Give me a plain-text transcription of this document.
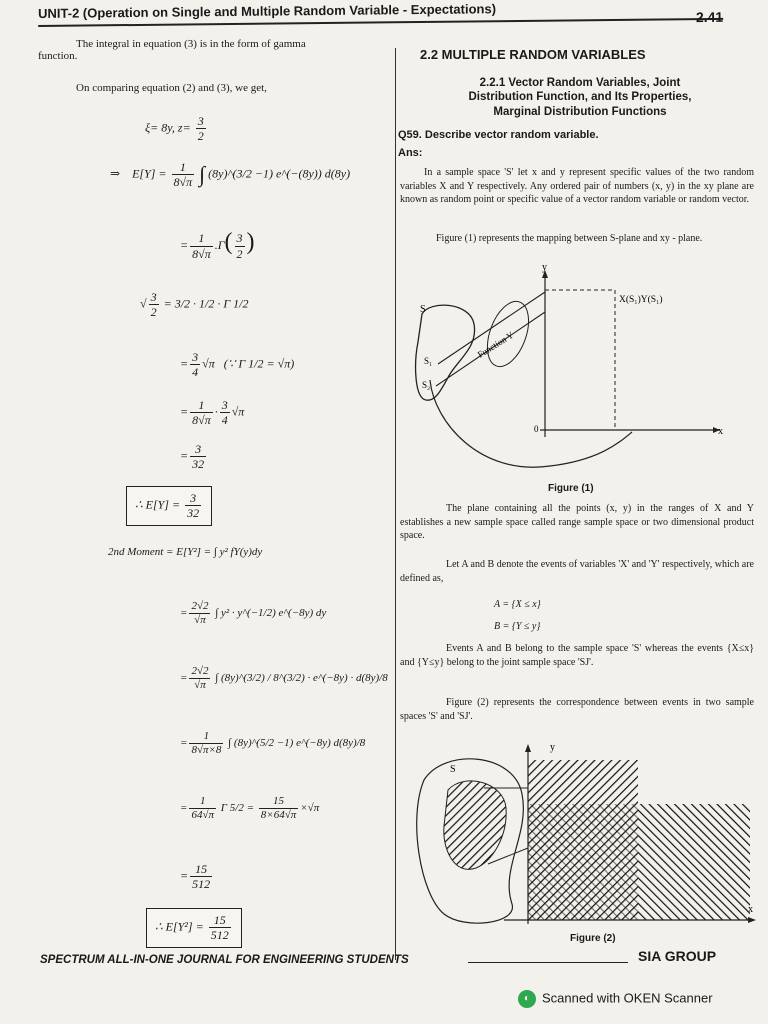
UNIT-2 (Operation on Single and Multiple Random Variable - Expectations)	2.41
The integral in equation (3) is in the form of gamma
function.
On comparing equation (2) and (3), we get,
ξ= 8y, $z= \frac{3}{2}$
⇒ $E[Y] = \frac{1}{8√\pi}$ ∫ (8y)^(3/2 −1) e^(−(8y)) d(8y)
= $\frac{1}{8√\pi} .\Gamma( \frac{3}{2}$ )
√ $\frac{3}{2} = 3/2 \cdot 1/2 \cdot \Gamma$ 1/2
= $\frac{3}{4} √\pi$ (∵ Γ 1/2 = √π)
= $\frac{1}{8√\pi} \cdot \frac{3}{4} √\pi$
= $\frac{3}{32}$
∴ $E[Y] = \frac{3}{32}$
2nd Moment = E[Y²] = ∫ y² fY(y)dy
= $\frac{2√2}{√\pi}$ ∫ y² · y^(−1/2) e^(−8y) dy
= $\frac{2√2}{√\pi}$ ∫ (8y)^(3/2) / 8^(3/2) · e^(−8y) · d(8y)/8
= $\frac{1}{8√\pi\times 8}$ ∫ (8y)^(5/2 −1) e^(−8y) d(8y)/8
= $\frac{1}{64√\pi}$ Γ $5/2 = \frac{15}{8\times 64√\pi} \times√\pi$
= $\frac{15}{512}$
∴ $E[Y^2] = \frac{15}{512}$
2.2 MULTIPLE RANDOM VARIABLES
2.2.1 Vector Random Variables, Joint
Distribution Function, and Its Properties,
Marginal Distribution Functions
Q59. Describe vector random variable.
Ans:
In a sample space 'S' let x and y represent specific values of the two random variables X and Y respectively. Any ordered pair of numbers (x, y) in the xy plane are known as random point or specific value of a vector random variable or random vector.
Figure (1) represents the mapping between S-plane and xy - plane.
Function Y
X(S₁)Y(S₁)
S
S₁
S₂
0	x
y
Figure (1)
The plane containing all the points (x, y) in the ranges of X and Y establishes a new sample space called range sample space or two dimensional product space.
Let A and B denote the events of variables 'X' and 'Y' respectively, which are defined as,
A = {X ≤ x}
B = {Y ≤ y}
Events A and B belong to the sample space 'S' whereas the events {X≤x} and {Y≤y} belong to the joint sample space 'SJ'.
Figure (2) represents the correspondence between events in two sample spaces 'S' and 'SJ'.
S
y
x
Figure (2)
SPECTRUM ALL-IN-ONE JOURNAL FOR ENGINEERING STUDENTS	SIA GROUP
◐ Scanned with OKEN Scanner
